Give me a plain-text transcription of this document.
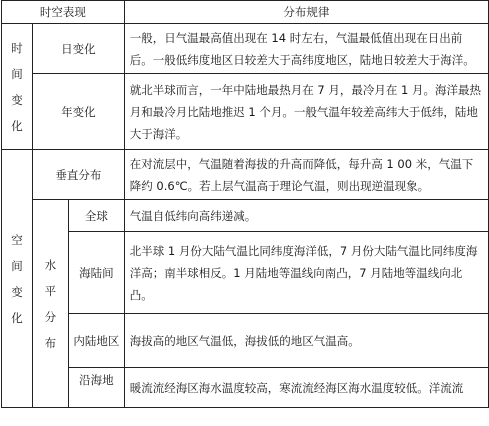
时空表现			分布规律

时
间
变
化	日变化		一般，日气温最高值出现在 14 时左右，气温最低值出现在日出前后。一般低纬度地区日较差大于高纬度地区，陆地日较差大于海洋。
	年变化		就北半球而言，一年中陆地最热月在 7 月，最冷月在 1 月。海洋最热月和最冷月比陆地推迟 1 个月。一般气温年较差高纬大于低纬，陆地大于海洋。

空
间
变
化	垂直分布		在对流层中，气温随着海拔的升高而降低，每升高 1 00 米，气温下降约 0.6℃。若上层气温高于理论气温，则出现逆温现象。

	水
平
分
布	全球	气温自低纬向高纬递减。
		海陆间	北半球 1 月份大陆气温比同纬度海洋低，7 月份大陆气温比同纬度海洋高；南半球相反。1 月陆地等温线向南凸，7 月陆地等温线向北凸。
		内陆地区	海拔高的地区气温低，海拔低的地区气温高。
		沿海地	暖流流经海区海水温度较高，寒流流经海区海水温度较低。洋流流
